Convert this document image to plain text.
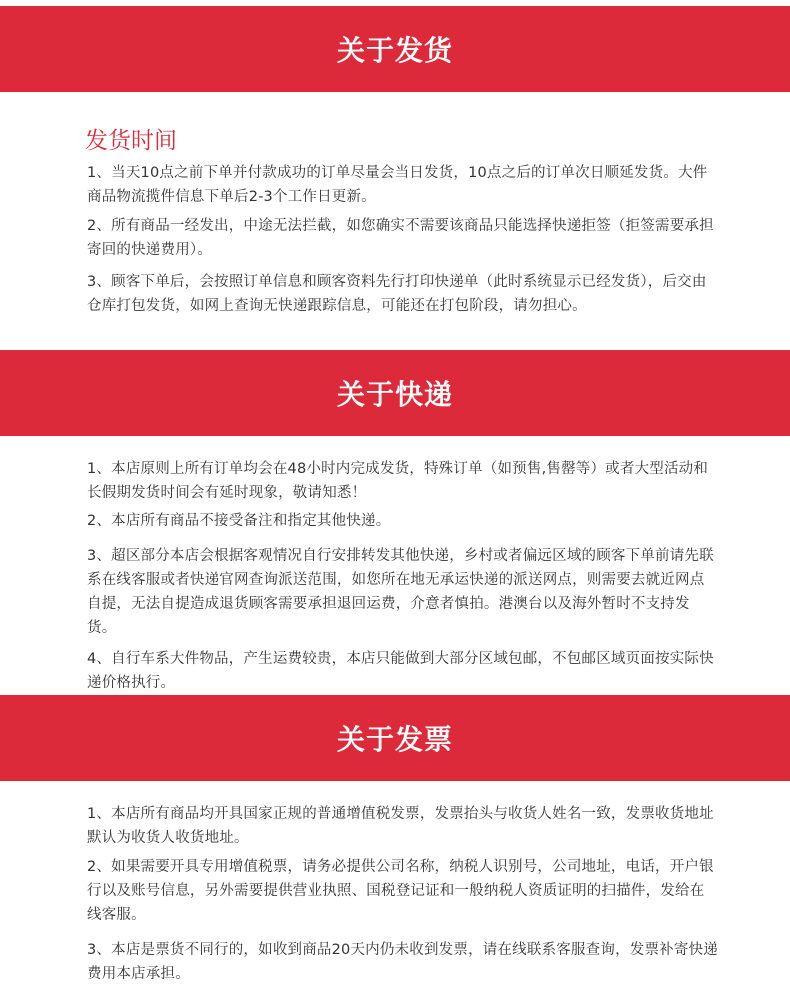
关于发货
发货时间

1、当天10点之前下单并付款成功的订单尽量会当日发货，10点之后的订单次日顺延发货。大件商品物流揽件信息下单后2-3个工作日更新。

2、所有商品一经发出，中途无法拦截，如您确实不需要该商品只能选择快递拒签（拒签需要承担寄回的快递费用）。

3、顾客下单后，会按照订单信息和顾客资料先行打印快递单（此时系统显示已经发货），后交由仓库打包发货，如网上查询无快递跟踪信息，可能还在打包阶段，请勿担心。

关于快递

1、本店原则上所有订单均会在48小时内完成发货，特殊订单（如预售,售罄等）或者大型活动和长假期发货时间会有延时现象，敬请知悉！

2、本店所有商品不接受备注和指定其他快递。

3、超区部分本店会根据客观情况自行安排转发其他快递，乡村或者偏远区域的顾客下单前请先联系在线客服或者快递官网查询派送范围，如您所在地无承运快递的派送网点，则需要去就近网点自提，无法自提造成退货顾客需要承担退回运费，介意者慎拍。港澳台以及海外暂时不支持发货。

4、自行车系大件物品，产生运费较贵，本店只能做到大部分区域包邮，不包邮区域页面按实际快递价格执行。

关于发票

1、本店所有商品均开具国家正规的普通增值税发票，发票抬头与收货人姓名一致，发票收货地址默认为收货人收货地址。

2、如果需要开具专用增值税票，请务必提供公司名称，纳税人识别号，公司地址，电话，开户银行以及账号信息，另外需要提供营业执照、国税登记证和一般纳税人资质证明的扫描件，发给在线客服。

3、本店是票货不同行的，如收到商品20天内仍未收到发票，请在线联系客服查询，发票补寄快递费用本店承担。
